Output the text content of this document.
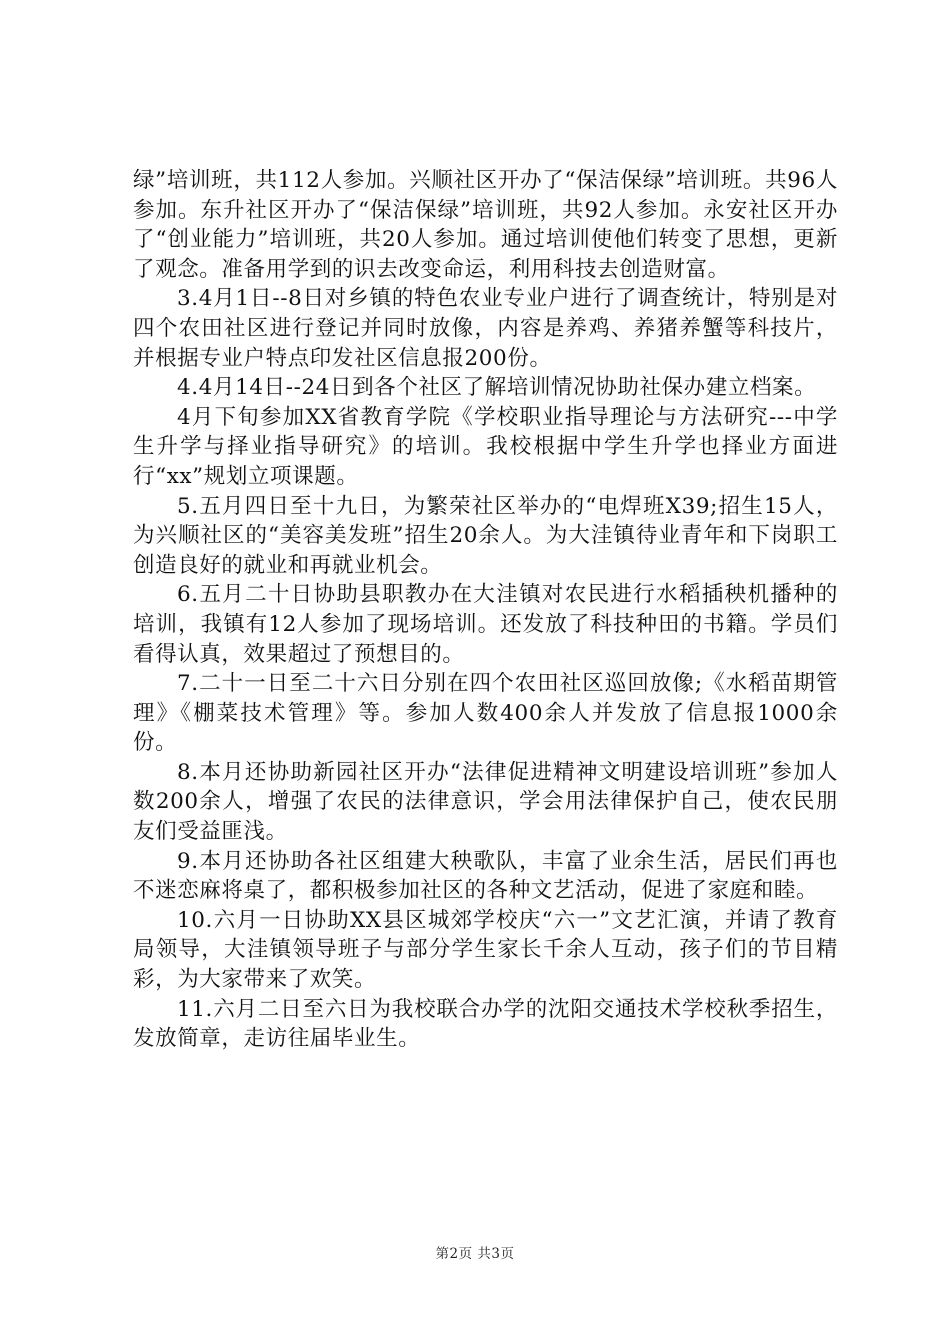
绿”培训班，共112人参加。兴顺社区开办了“保洁保绿”培训班。共96人参加。东升社区开办了“保洁保绿”培训班，共92人参加。永安社区开办了“创业能力”培训班，共20人参加。通过培训使他们转变了思想，更新了观念。准备用学到的识去改变命运，利用科技去创造财富。

3.4月1日--8日对乡镇的特色农业专业户进行了调查统计，特别是对四个农田社区进行登记并同时放像，内容是养鸡、养猪养蟹等科技片，并根据专业户特点印发社区信息报200份。

4.4月14日--24日到各个社区了解培训情况协助社保办建立档案。

4月下旬参加XX省教育学院《学校职业指导理论与方法研究---中学生升学与择业指导研究》的培训。我校根据中学生升学也择业方面进行“xx”规划立项课题。

5.五月四日至十九日，为繁荣社区举办的“电焊班X39;招生15人，为兴顺社区的“美容美发班”招生20余人。为大洼镇待业青年和下岗职工创造良好的就业和再就业机会。

6.五月二十日协助县职教办在大洼镇对农民进行水稻插秧机播种的培训，我镇有12人参加了现场培训。还发放了科技种田的书籍。学员们看得认真，效果超过了预想目的。

7.二十一日至二十六日分别在四个农田社区巡回放像;《水稻苗期管理》《棚菜技术管理》等。参加人数400余人并发放了信息报1000余份。

8.本月还协助新园社区开办“法律促进精神文明建设培训班”参加人数200余人，增强了农民的法律意识，学会用法律保护自己，使农民朋友们受益匪浅。

9.本月还协助各社区组建大秧歌队，丰富了业余生活，居民们再也不迷恋麻将桌了，都积极参加社区的各种文艺活动，促进了家庭和睦。

10.六月一日协助XX县区城郊学校庆“六一”文艺汇演，并请了教育局领导，大洼镇领导班子与部分学生家长千余人互动，孩子们的节目精彩，为大家带来了欢笑。

11.六月二日至六日为我校联合办学的沈阳交通技术学校秋季招生，发放简章，走访往届毕业生。

第2页 共3页
